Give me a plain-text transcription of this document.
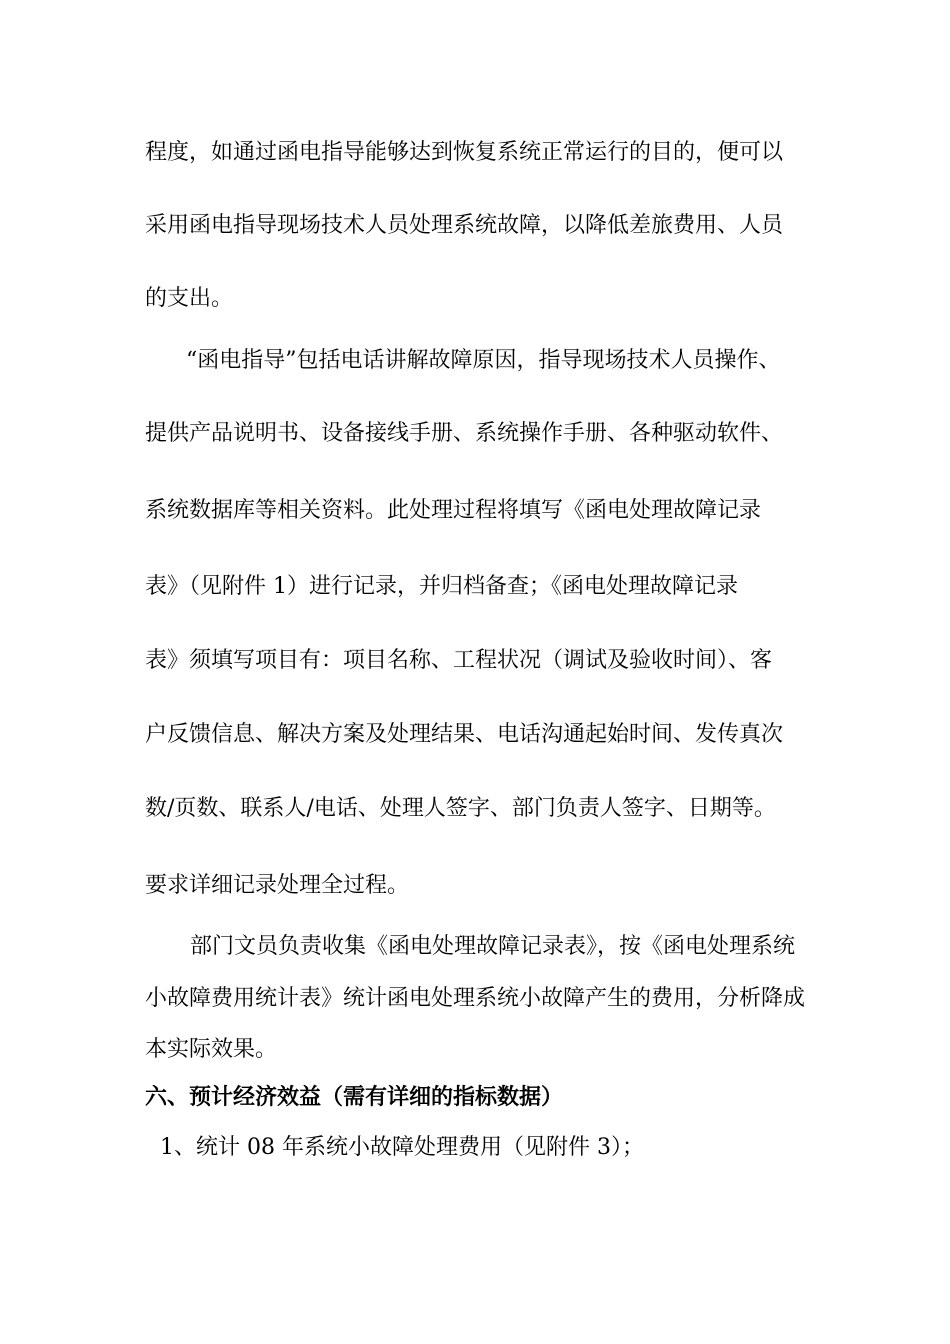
程度，如通过函电指导能够达到恢复系统正常运行的目的，便可以
采用函电指导现场技术人员处理系统故障，以降低差旅费用、人员
的支出。
“函电指导”包括电话讲解故障原因，指导现场技术人员操作、
提供产品说明书、设备接线手册、系统操作手册、各种驱动软件、
系统数据库等相关资料。此处理过程将填写《函电处理故障记录
表》（见附件 1）进行记录，并归档备查；《函电处理故障记录
表》须填写项目有：项目名称、工程状况（调试及验收时间）、客
户反馈信息、解决方案及处理结果、电话沟通起始时间、发传真次
数/页数、联系人/电话、处理人签字、部门负责人签字、日期等。
要求详细记录处理全过程。
部门文员负责收集《函电处理故障记录表》，按《函电处理系统
小故障费用统计表》统计函电处理系统小故障产生的费用，分析降成
本实际效果。
六、预计经济效益（需有详细的指标数据）
1、统计 08 年系统小故障处理费用（见附件 3）；
